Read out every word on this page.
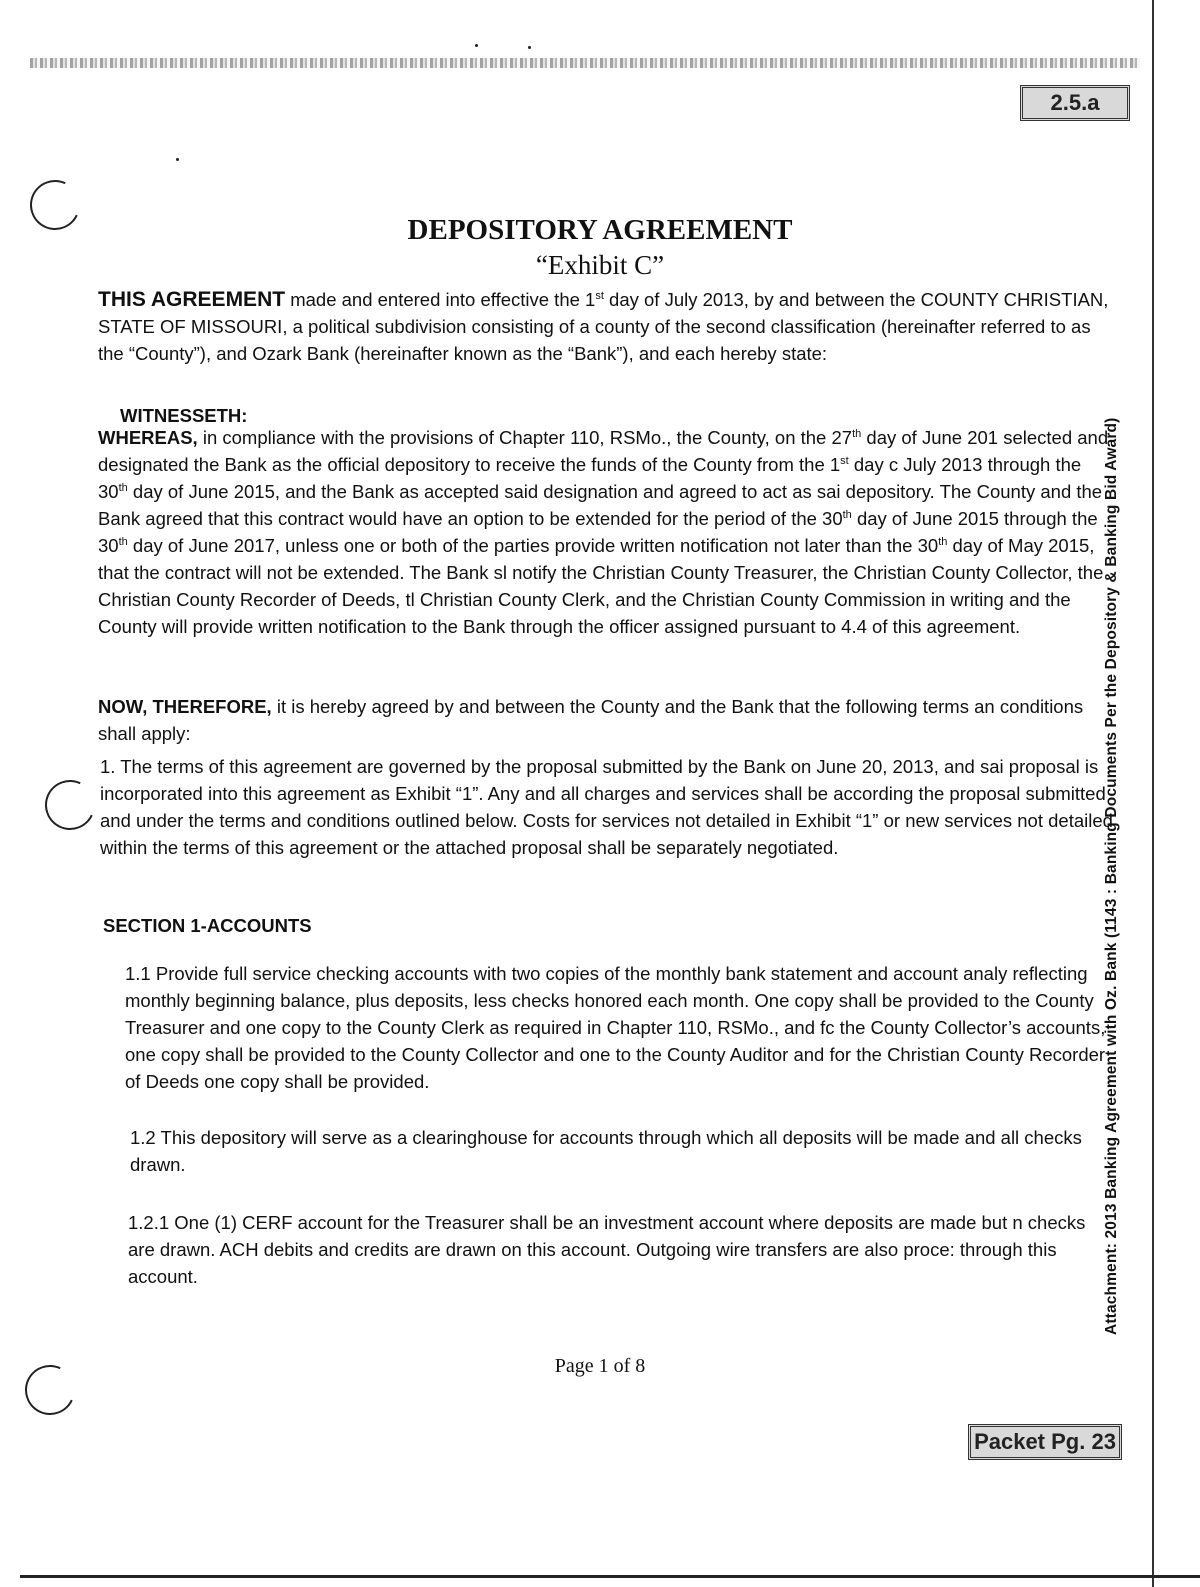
2.5.a
DEPOSITORY AGREEMENT
“Exhibit C”

THIS AGREEMENT made and entered into effective the 1st day of July 2013, by and between the COUNTY CHRISTIAN, STATE OF MISSOURI, a political subdivision consisting of a county of the second classification (hereinafter referred to as the “County”), and Ozark Bank (hereinafter known as the “Bank”), and each hereby state:

WITNESSETH:

WHEREAS, in compliance with the provisions of Chapter 110, RSMo., the County, on the 27th day of June 201 selected and designated the Bank as the official depository to receive the funds of the County from the 1st day c July 2013 through the 30th day of June 2015, and the Bank as accepted said designation and agreed to act as sai depository. The County and the Bank agreed that this contract would have an option to be extended for the period of the 30th day of June 2015 through the 30th day of June 2017, unless one or both of the parties provide written notification not later than the 30th day of May 2015, that the contract will not be extended. The Bank sl notify the Christian County Treasurer, the Christian County Collector, the Christian County Recorder of Deeds, tl Christian County Clerk, and the Christian County Commission in writing and the County will provide written notification to the Bank through the officer assigned pursuant to 4.4 of this agreement.

NOW, THEREFORE, it is hereby agreed by and between the County and the Bank that the following terms an conditions shall apply:

1. The terms of this agreement are governed by the proposal submitted by the Bank on June 20, 2013, and sai proposal is incorporated into this agreement as Exhibit “1”. Any and all charges and services shall be according the proposal submitted and under the terms and conditions outlined below. Costs for services not detailed in Exhibit “1” or new services not detailed within the terms of this agreement or the attached proposal shall be separately negotiated.
SECTION 1-ACCOUNTS
1.1 Provide full service checking accounts with two copies of the monthly bank statement and account analy reflecting monthly beginning balance, plus deposits, less checks honored each month. One copy shall be provided to the County Treasurer and one copy to the County Clerk as required in Chapter 110, RSMo., and fc the County Collector’s accounts, one copy shall be provided to the County Collector and one to the County Auditor and for the Christian County Recorder of Deeds one copy shall be provided.
1.2 This depository will serve as a clearinghouse for accounts through which all deposits will be made and all checks drawn.
1.2.1 One (1) CERF account for the Treasurer shall be an investment account where deposits are made but n checks are drawn. ACH debits and credits are drawn on this account. Outgoing wire transfers are also proce: through this account.
Page 1 of 8
Attachment: 2013 Banking Agreement with Oz. Bank (1143 : Banking Documents Per the Depository & Banking Bid Award)
Packet Pg. 23
